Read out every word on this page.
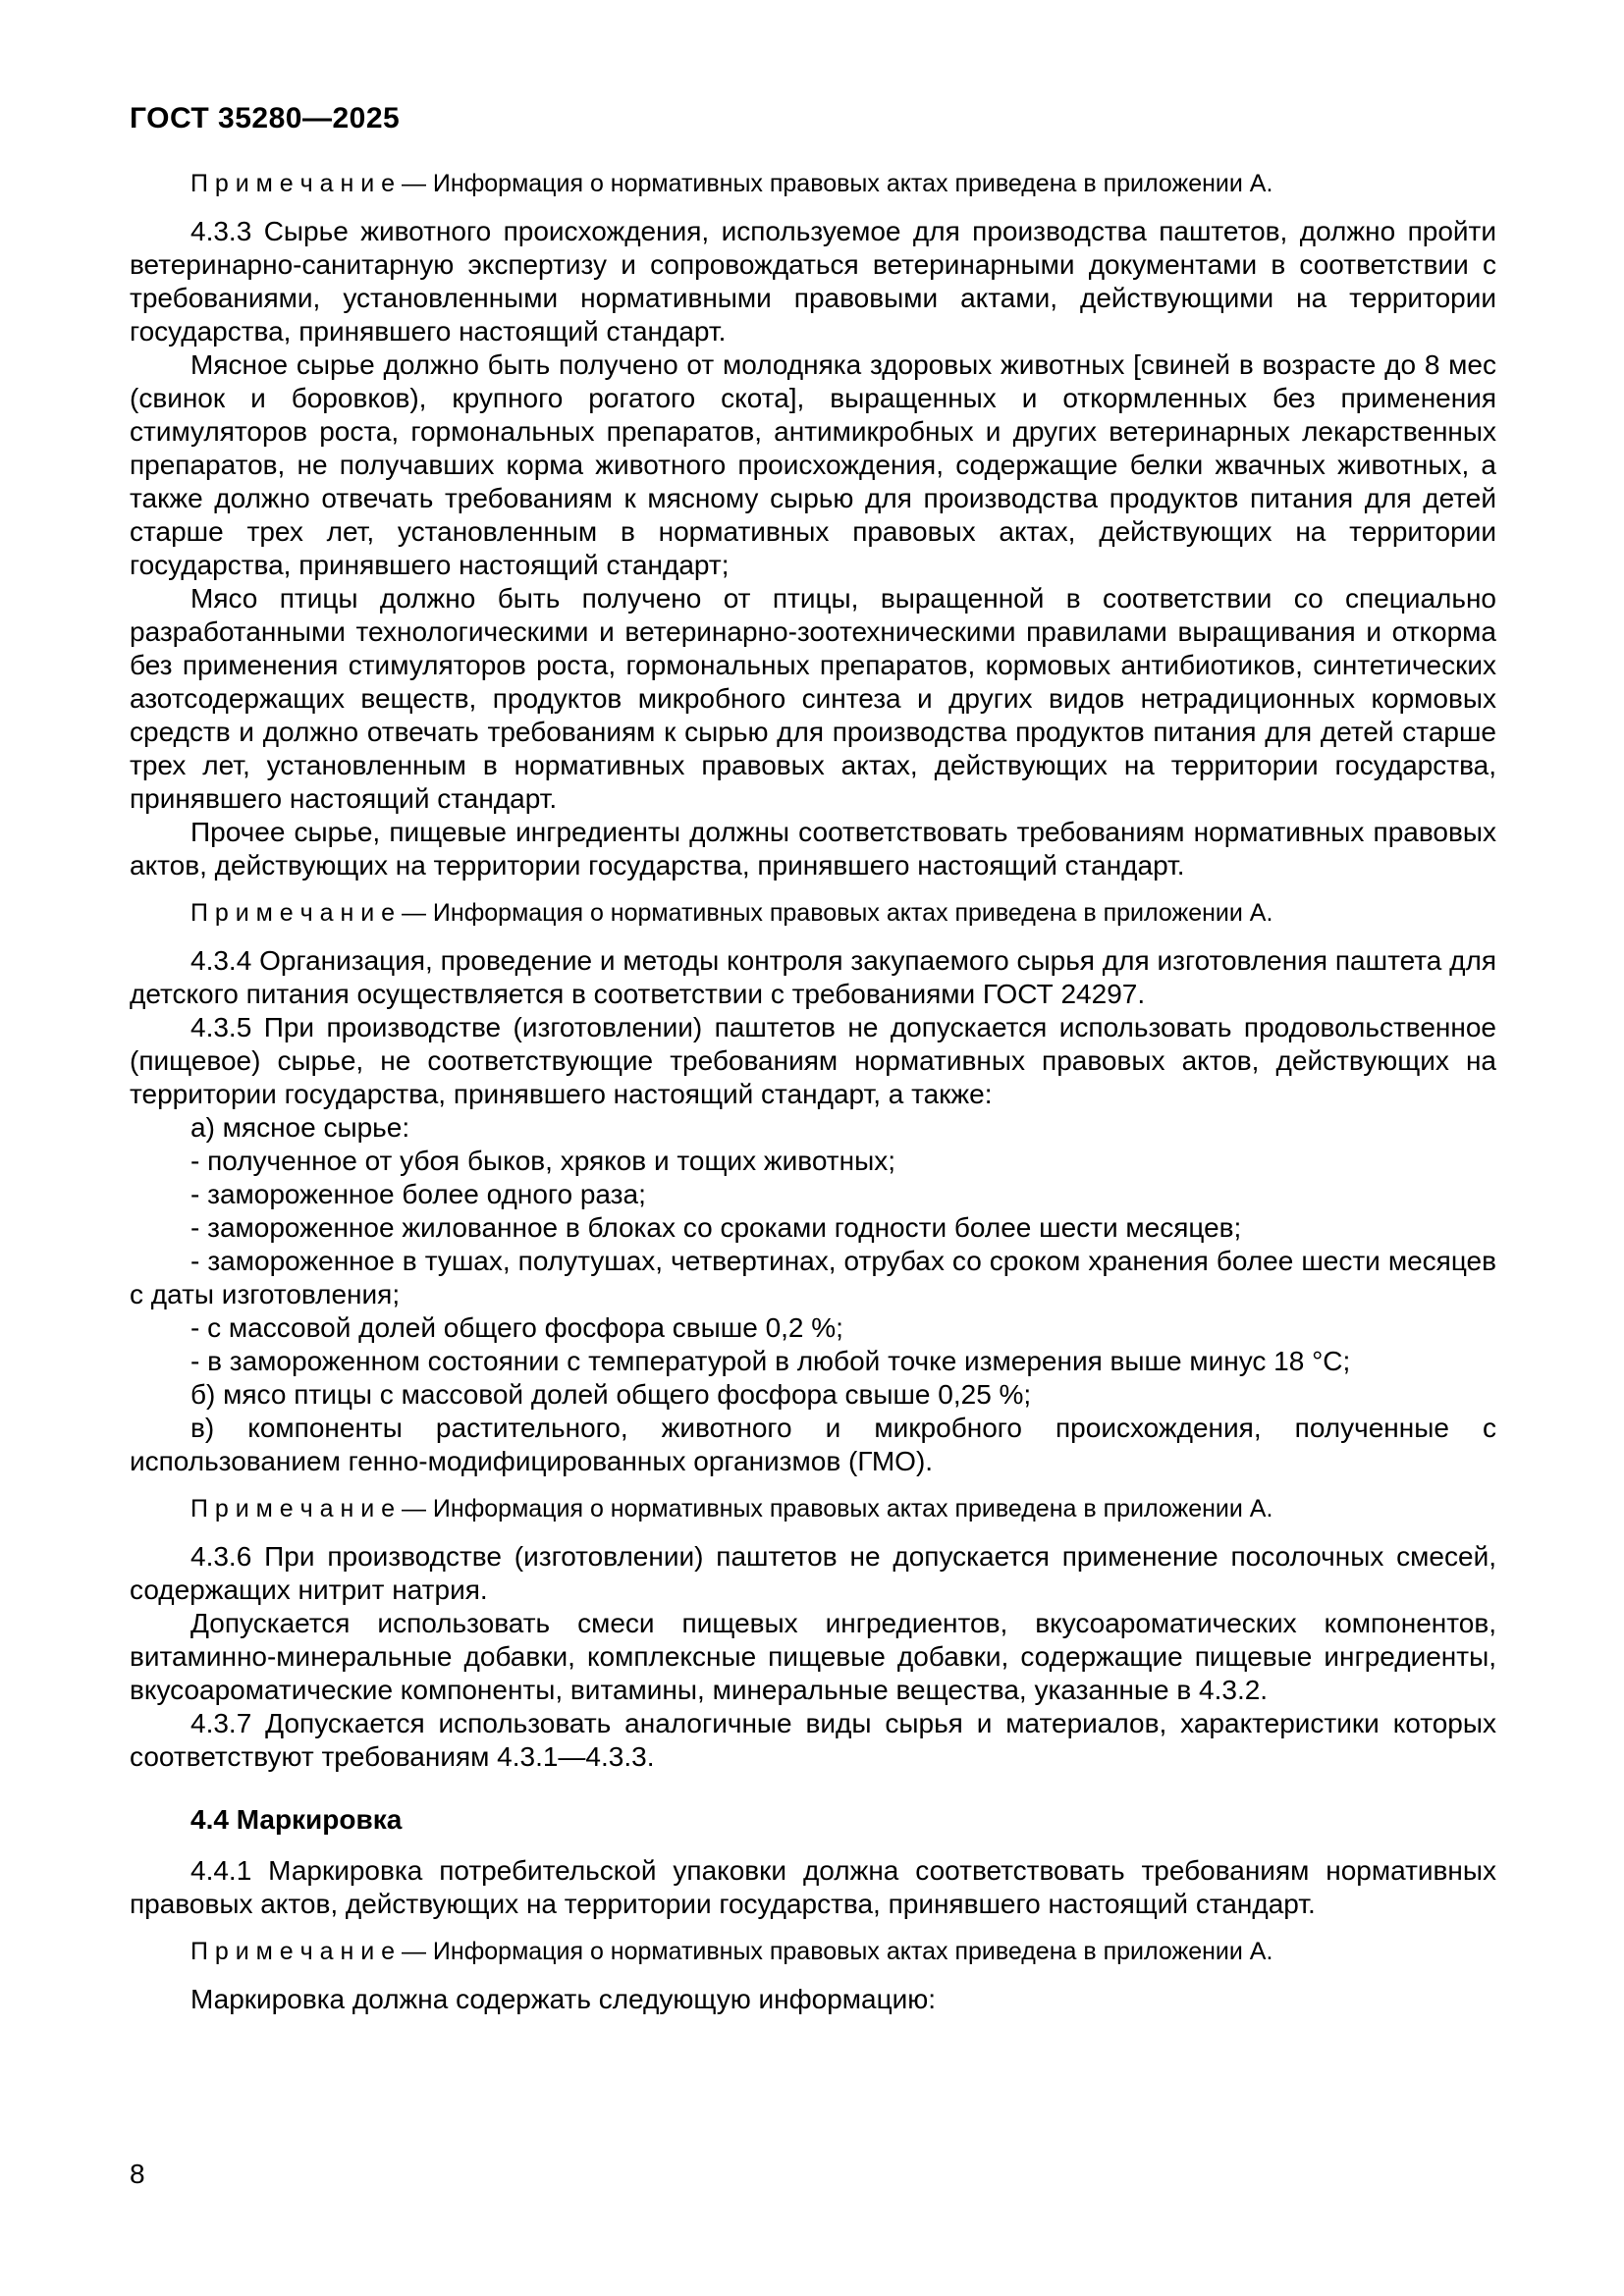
ГОСТ 35280—2025

П р и м е ч а н и е — Информация о нормативных правовых актах приведена в приложении А.

4.3.3 Сырье животного происхождения, используемое для производства паштетов, должно пройти ветеринарно-санитарную экспертизу и сопровождаться ветеринарными документами в соответствии с требованиями, установленными нормативными правовыми актами, действующими на территории государства, принявшего настоящий стандарт.

Мясное сырье должно быть получено от молодняка здоровых животных [свиней в возрасте до 8 мес (свинок и боровков), крупного рогатого скота], выращенных и откормленных без применения стимуляторов роста, гормональных препаратов, антимикробных и других ветеринарных лекарственных препаратов, не получавших корма животного происхождения, содержащие белки жвачных животных, а также должно отвечать требованиям к мясному сырью для производства продуктов питания для детей старше трех лет, установленным в нормативных правовых актах, действующих на территории государства, принявшего настоящий стандарт;

Мясо птицы должно быть получено от птицы, выращенной в соответствии со специально разработанными технологическими и ветеринарно-зоотехническими правилами выращивания и откорма без применения стимуляторов роста, гормональных препаратов, кормовых антибиотиков, синтетических азотсодержащих веществ, продуктов микробного синтеза и других видов нетрадиционных кормовых средств и должно отвечать требованиям к сырью для производства продуктов питания для детей старше трех лет, установленным в нормативных правовых актах, действующих на территории государства, принявшего настоящий стандарт.

Прочее сырье, пищевые ингредиенты должны соответствовать требованиям нормативных правовых актов, действующих на территории государства, принявшего настоящий стандарт.

П р и м е ч а н и е — Информация о нормативных правовых актах приведена в приложении А.

4.3.4 Организация, проведение и методы контроля закупаемого сырья для изготовления паштета для детского питания осуществляется в соответствии с требованиями ГОСТ 24297.

4.3.5 При производстве (изготовлении) паштетов не допускается использовать продовольственное (пищевое) сырье, не соответствующие требованиям нормативных правовых актов, действующих на территории государства, принявшего настоящий стандарт, а также:

а) мясное сырье:

- полученное от убоя быков, хряков и тощих животных;

- замороженное более одного раза;

- замороженное жилованное в блоках со сроками годности более шести месяцев;

- замороженное в тушах, полутушах, четвертинах, отрубах со сроком хранения более шести месяцев с даты изготовления;

- с массовой долей общего фосфора свыше 0,2 %;

- в замороженном состоянии с температурой в любой точке измерения выше минус 18 °С;

б) мясо птицы с массовой долей общего фосфора свыше 0,25 %;

в) компоненты растительного, животного и микробного происхождения, полученные с использованием генно-модифицированных организмов (ГМО).

П р и м е ч а н и е — Информация о нормативных правовых актах приведена в приложении А.

4.3.6 При производстве (изготовлении) паштетов не допускается применение посолочных смесей, содержащих нитрит натрия.

Допускается использовать смеси пищевых ингредиентов, вкусоароматических компонентов, витаминно-минеральные добавки, комплексные пищевые добавки, содержащие пищевые ингредиенты, вкусоароматические компоненты, витамины, минеральные вещества, указанные в 4.3.2.

4.3.7 Допускается использовать аналогичные виды сырья и материалов, характеристики которых соответствуют требованиям 4.3.1—4.3.3.

4.4 Маркировка

4.4.1 Маркировка потребительской упаковки должна соответствовать требованиям нормативных правовых актов, действующих на территории государства, принявшего настоящий стандарт.

П р и м е ч а н и е — Информация о нормативных правовых актах приведена в приложении А.

Маркировка должна содержать следующую информацию:

8
